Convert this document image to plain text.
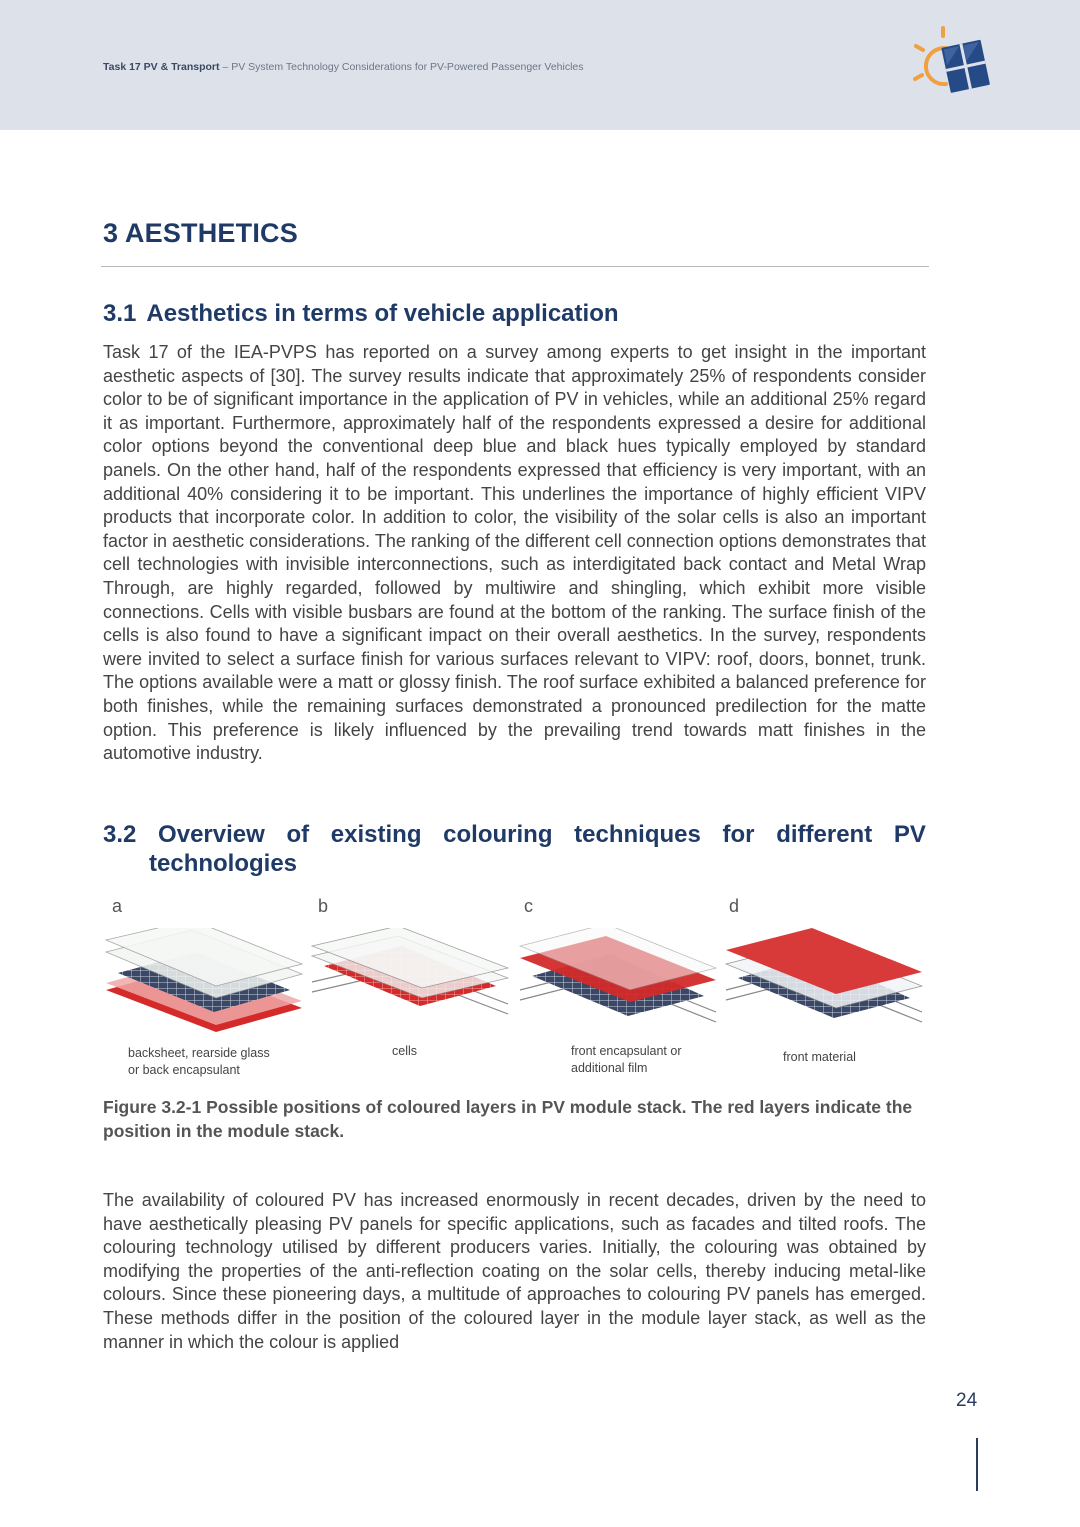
Task 17 PV & Transport – PV System Technology Considerations for PV-Powered Passenger Vehicles
3 AESTHETICS
3.1 Aesthetics in terms of vehicle application

Task 17 of the IEA-PVPS has reported on a survey among experts to get insight in the important aesthetic aspects of [30]. The survey results indicate that approximately 25% of respondents consider color to be of significant importance in the application of PV in vehicles, while an additional 25% regard it as important. Furthermore, approximately half of the respondents expressed a desire for additional color options beyond the conventional deep blue and black hues typically employed by standard panels. On the other hand, half of the respondents expressed that efficiency is very important, with an additional 40% considering it to be important. This underlines the importance of highly efficient VIPV products that incorporate color. In addition to color, the visibility of the solar cells is also an important factor in aesthetic considerations. The ranking of the different cell connection options demonstrates that cell technologies with invisible interconnections, such as interdigitated back contact and Metal Wrap Through, are highly regarded, followed by multiwire and shingling, which exhibit more visible connections. Cells with visible busbars are found at the bottom of the ranking. The surface finish of the cells is also found to have a significant impact on their overall aesthetics. In the survey, respondents were invited to select a surface finish for various surfaces relevant to VIPV: roof, doors, bonnet, trunk. The options available were a matt or glossy finish. The roof surface exhibited a balanced preference for both finishes, while the remaining surfaces demonstrated a pronounced predilection for the matte option. This preference is likely influenced by the prevailing trend towards matt finishes in the automotive industry.

3.2 Overview of existing colouring techniques for different PV
technologies
a	b	c	d
backsheet, rearside glass
or back encapsulant
cells	front encapsulant or
additional film
front material
Figure 3.2-1 Possible positions of coloured layers in PV module stack. The red layers indicate the position in the module stack.

The availability of coloured PV has increased enormously in recent decades, driven by the need to have aesthetically pleasing PV panels for specific applications, such as facades and tilted roofs. The colouring technology utilised by different producers varies. Initially, the colouring was obtained by modifying the properties of the anti-reflection coating on the solar cells, thereby inducing metal-like colours. Since these pioneering days, a multitude of approaches to colouring PV panels has emerged. These methods differ in the position of the coloured layer in the module layer stack, as well as the manner in which the colour is applied

24
